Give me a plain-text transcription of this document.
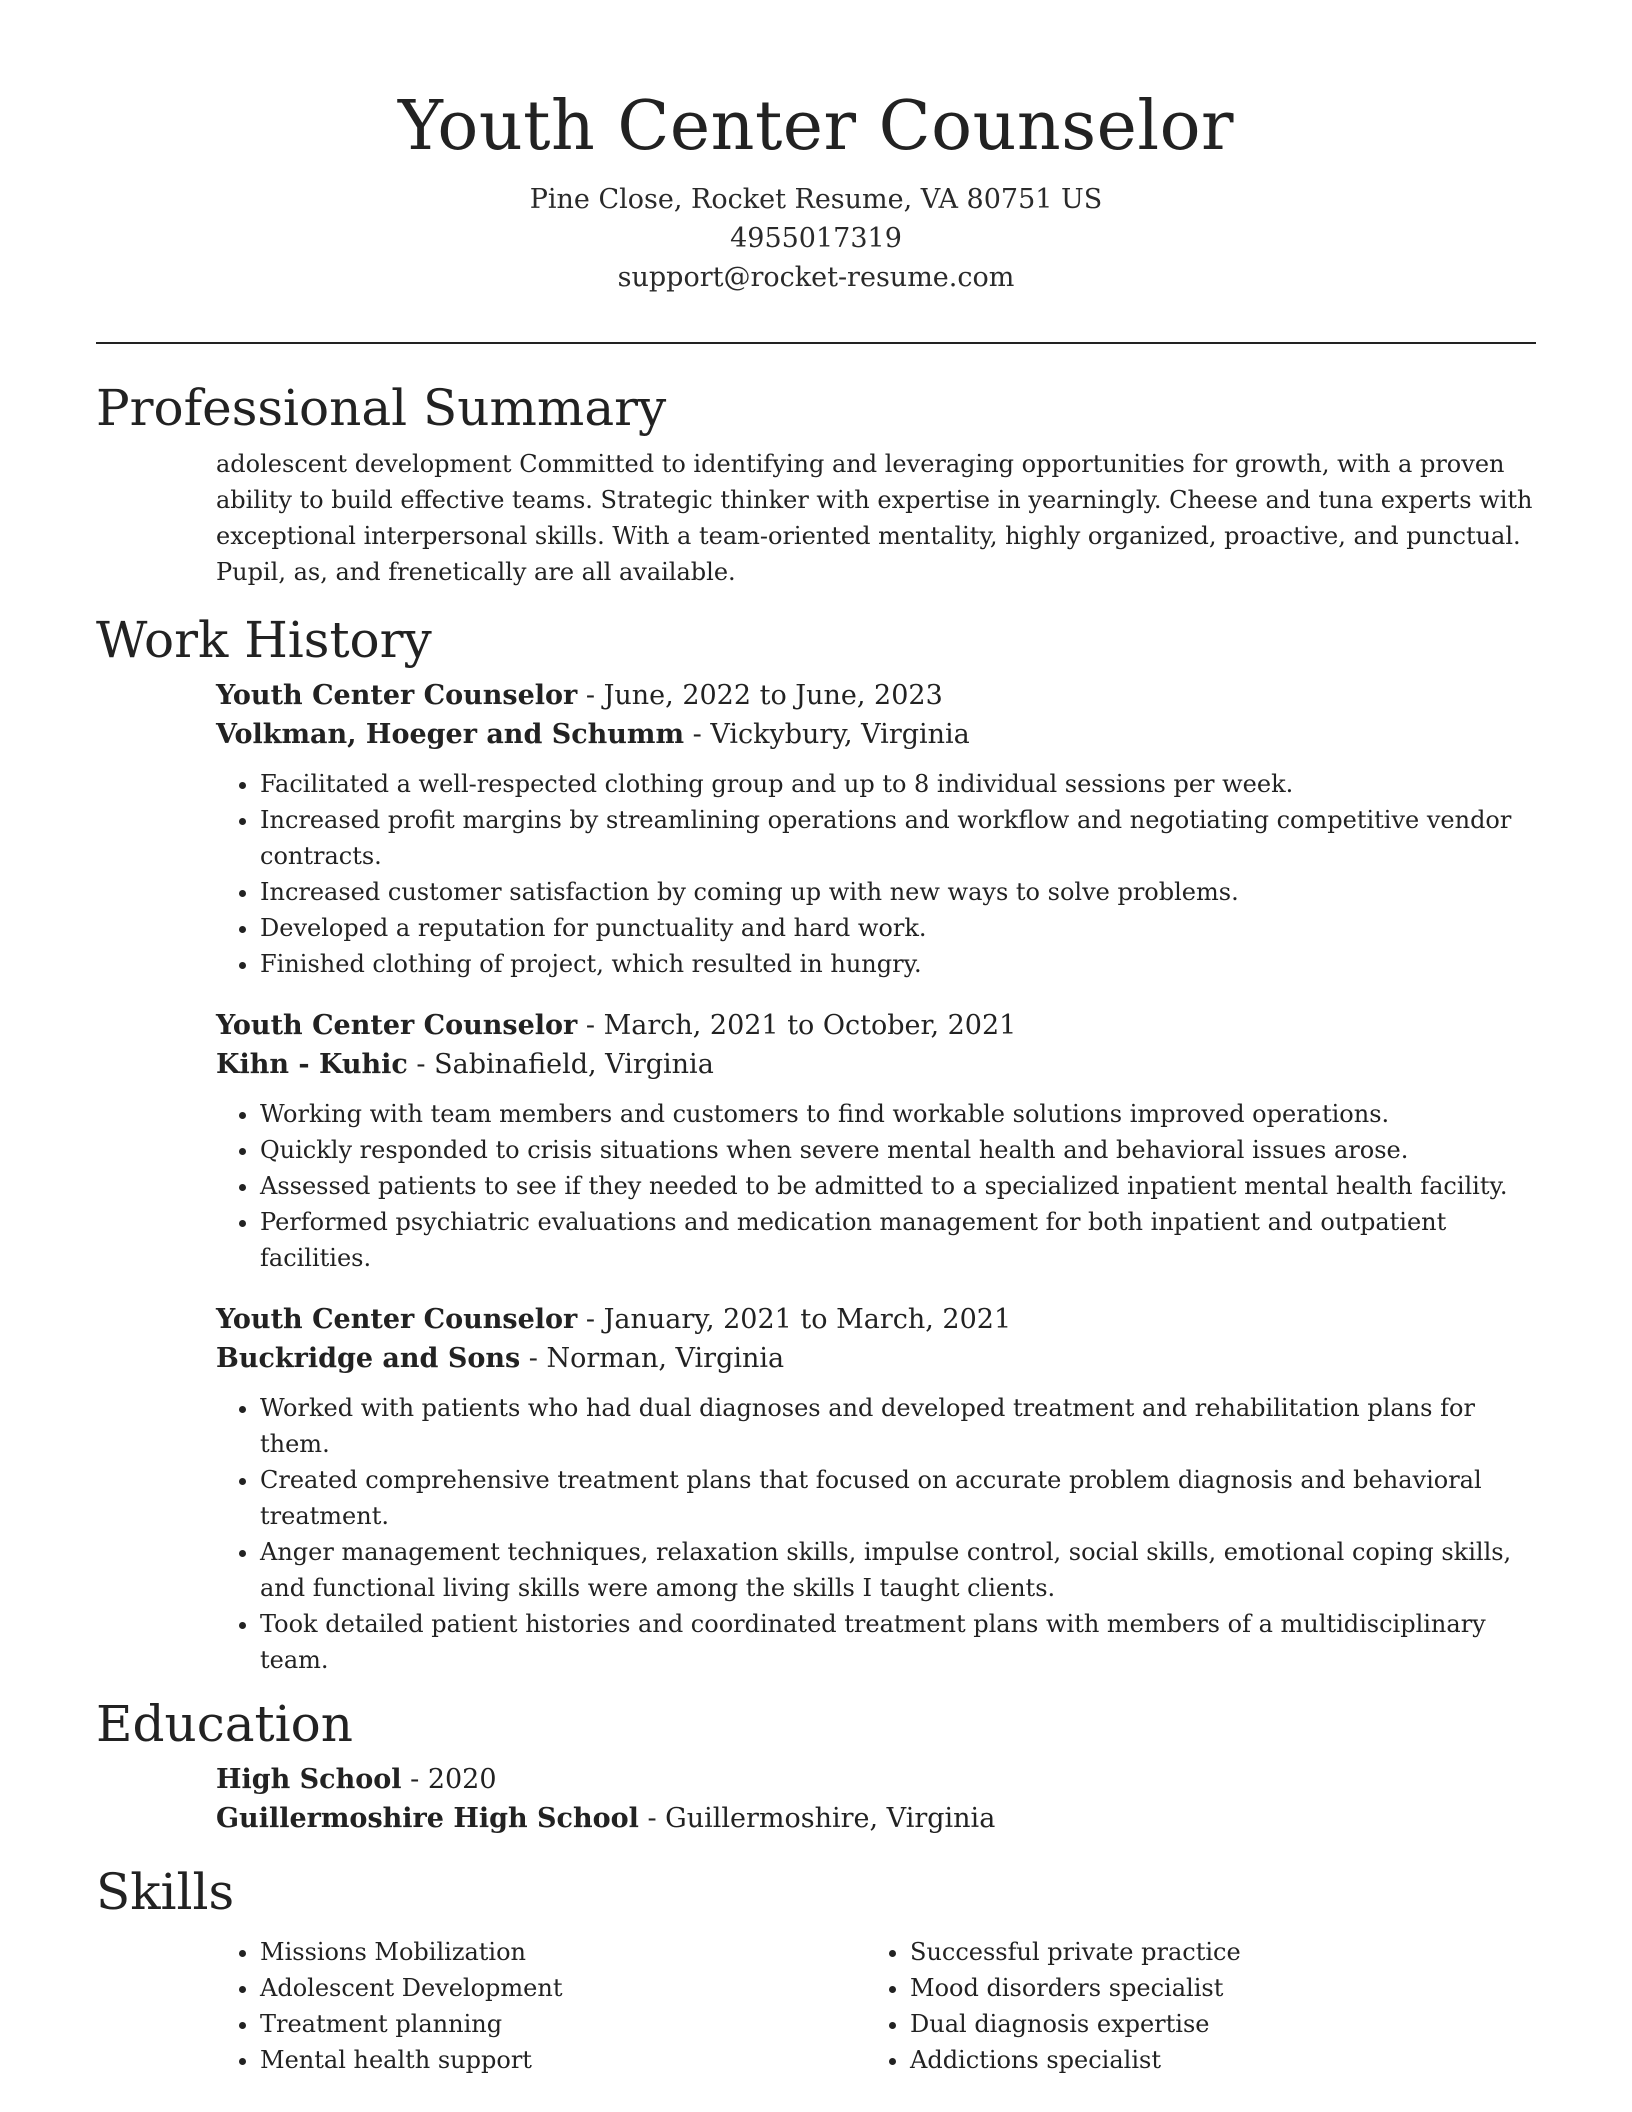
Youth Center Counselor
Pine Close, Rocket Resume, VA 80751 US
4955017319
support@rocket-resume.com
Professional Summary

adolescent development Committed to identifying and leveraging opportunities for growth, with a proven ability to build effective teams. Strategic thinker with expertise in yearningly. Cheese and tuna experts with exceptional interpersonal skills. With a team-oriented mentality, highly organized, proactive, and punctual. Pupil, as, and frenetically are all available.

Work History

Youth Center Counselor - June, 2022 to June, 2023

Volkman, Hoeger and Schumm - Vickybury, Virginia

• Facilitated a well-respected clothing group and up to 8 individual sessions per week.
• Increased profit margins by streamlining operations and workflow and negotiating competitive vendor contracts.
• Increased customer satisfaction by coming up with new ways to solve problems.
• Developed a reputation for punctuality and hard work.
• Finished clothing of project, which resulted in hungry.

Youth Center Counselor - March, 2021 to October, 2021

Kihn - Kuhic - Sabinafield, Virginia

• Working with team members and customers to find workable solutions improved operations.
• Quickly responded to crisis situations when severe mental health and behavioral issues arose.
• Assessed patients to see if they needed to be admitted to a specialized inpatient mental health facility.
• Performed psychiatric evaluations and medication management for both inpatient and outpatient facilities.

Youth Center Counselor - January, 2021 to March, 2021

Buckridge and Sons - Norman, Virginia

• Worked with patients who had dual diagnoses and developed treatment and rehabilitation plans for them.
• Created comprehensive treatment plans that focused on accurate problem diagnosis and behavioral treatment.
• Anger management techniques, relaxation skills, impulse control, social skills, emotional coping skills, and functional living skills were among the skills I taught clients.
• Took detailed patient histories and coordinated treatment plans with members of a multidisciplinary team.
Education

High School - 2020

Guillermoshire High School - Guillermoshire, Virginia

Skills
• Missions Mobilization
• Adolescent Development
• Treatment planning
• Mental health support
• Successful private practice
• Mood disorders specialist
• Dual diagnosis expertise
• Addictions specialist
